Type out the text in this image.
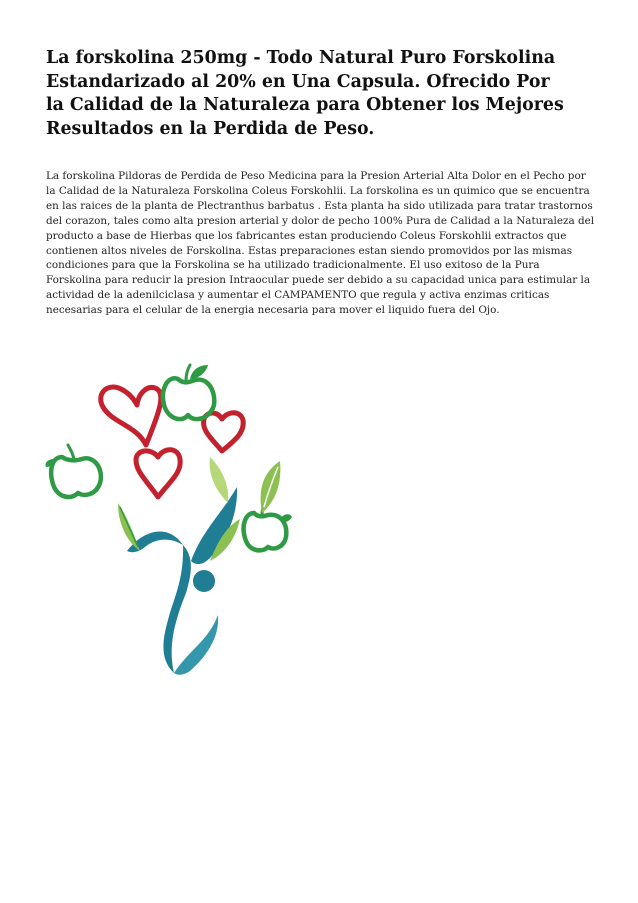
La forskolina 250mg - Todo Natural Puro Forskolina Estandarizado al 20% en Una Capsula. Ofrecido Por la Calidad de la Naturaleza para Obtener los Mejores Resultados en la Perdida de Peso.

La forskolina Pildoras de Perdida de Peso Medicina para la Presion Arterial Alta Dolor en el Pecho por la Calidad de la Naturaleza Forskolina Coleus Forskohlii. La forskolina es un quimico que se encuentra en las raices de la planta de Plectranthus barbatus . Esta planta ha sido utilizada para tratar trastornos del corazon, tales como alta presion arterial y dolor de pecho 100% Pura de Calidad a la Naturaleza del producto a base de Hierbas que los fabricantes estan produciendo Coleus Forskohlii extractos que contienen altos niveles de Forskolina. Estas preparaciones estan siendo promovidos por las mismas condiciones para que la Forskolina se ha utilizado tradicionalmente. El uso exitoso de la Pura Forskolina para reducir la presion Intraocular puede ser debido a su capacidad unica para estimular la actividad de la adenilciclasa y aumentar el CAMPAMENTO que regula y activa enzimas criticas necesarias para el celular de la energia necesaria para mover el liquido fuera del Ojo.
